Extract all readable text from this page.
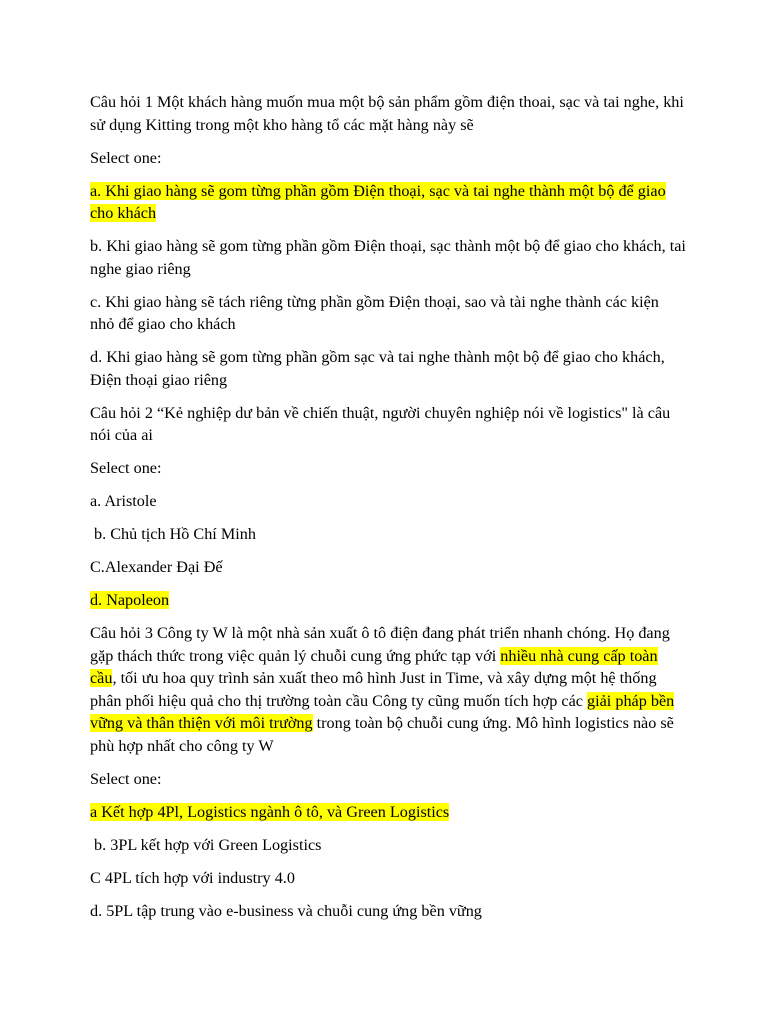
Câu hỏi 1 Một khách hàng muốn mua một bộ sản phẩm gồm điện thoai, sạc và tai nghe, khi sử dụng Kitting trong một kho hàng tổ các mặt hàng này sẽ

Select one:

a. Khi giao hàng sẽ gom từng phần gồm Điện thoại, sạc và tai nghe thành một bộ để giao cho khách

b. Khi giao hàng sẽ gom từng phần gồm Điện thoại, sạc thành một bộ để giao cho khách, tai nghe giao riêng

c. Khi giao hàng sẽ tách riêng từng phần gồm Điện thoại, sao và tài nghe thành các kiện nhỏ để giao cho khách

d. Khi giao hàng sẽ gom từng phần gồm sạc và tai nghe thành một bộ để giao cho khách, Điện thoại giao riêng

Câu hỏi 2 “Kẻ nghiệp dư bản về chiến thuật, người chuyên nghiệp nói về logistics" là câu nói của ai

Select one:

a. Aristole

b. Chủ tịch Hồ Chí Minh

C.Alexander Đại Đế

d. Napoleon

Câu hỏi 3 Công ty W là một nhà sản xuất ô tô điện đang phát triển nhanh chóng. Họ đang gặp thách thức trong việc quản lý chuỗi cung ứng phức tạp với nhiều nhà cung cấp toàn cầu, tối ưu hoa quy trình sản xuất theo mô hình Just in Time, và xây dựng một hệ thống phân phối hiệu quả cho thị trường toàn cầu Công ty cũng muốn tích hợp các giải pháp bền vững và thân thiện với môi trường trong toàn bộ chuỗi cung ứng. Mô hình logistics nào sẽ phù hợp nhất cho công ty W

Select one:

a Kết hợp 4Pl, Logistics ngành ô tô, và Green Logistics

b. 3PL kết hợp với Green Logistics

C 4PL tích hợp với industry 4.0

d. 5PL tập trung vào e-business và chuỗi cung ứng bền vững
